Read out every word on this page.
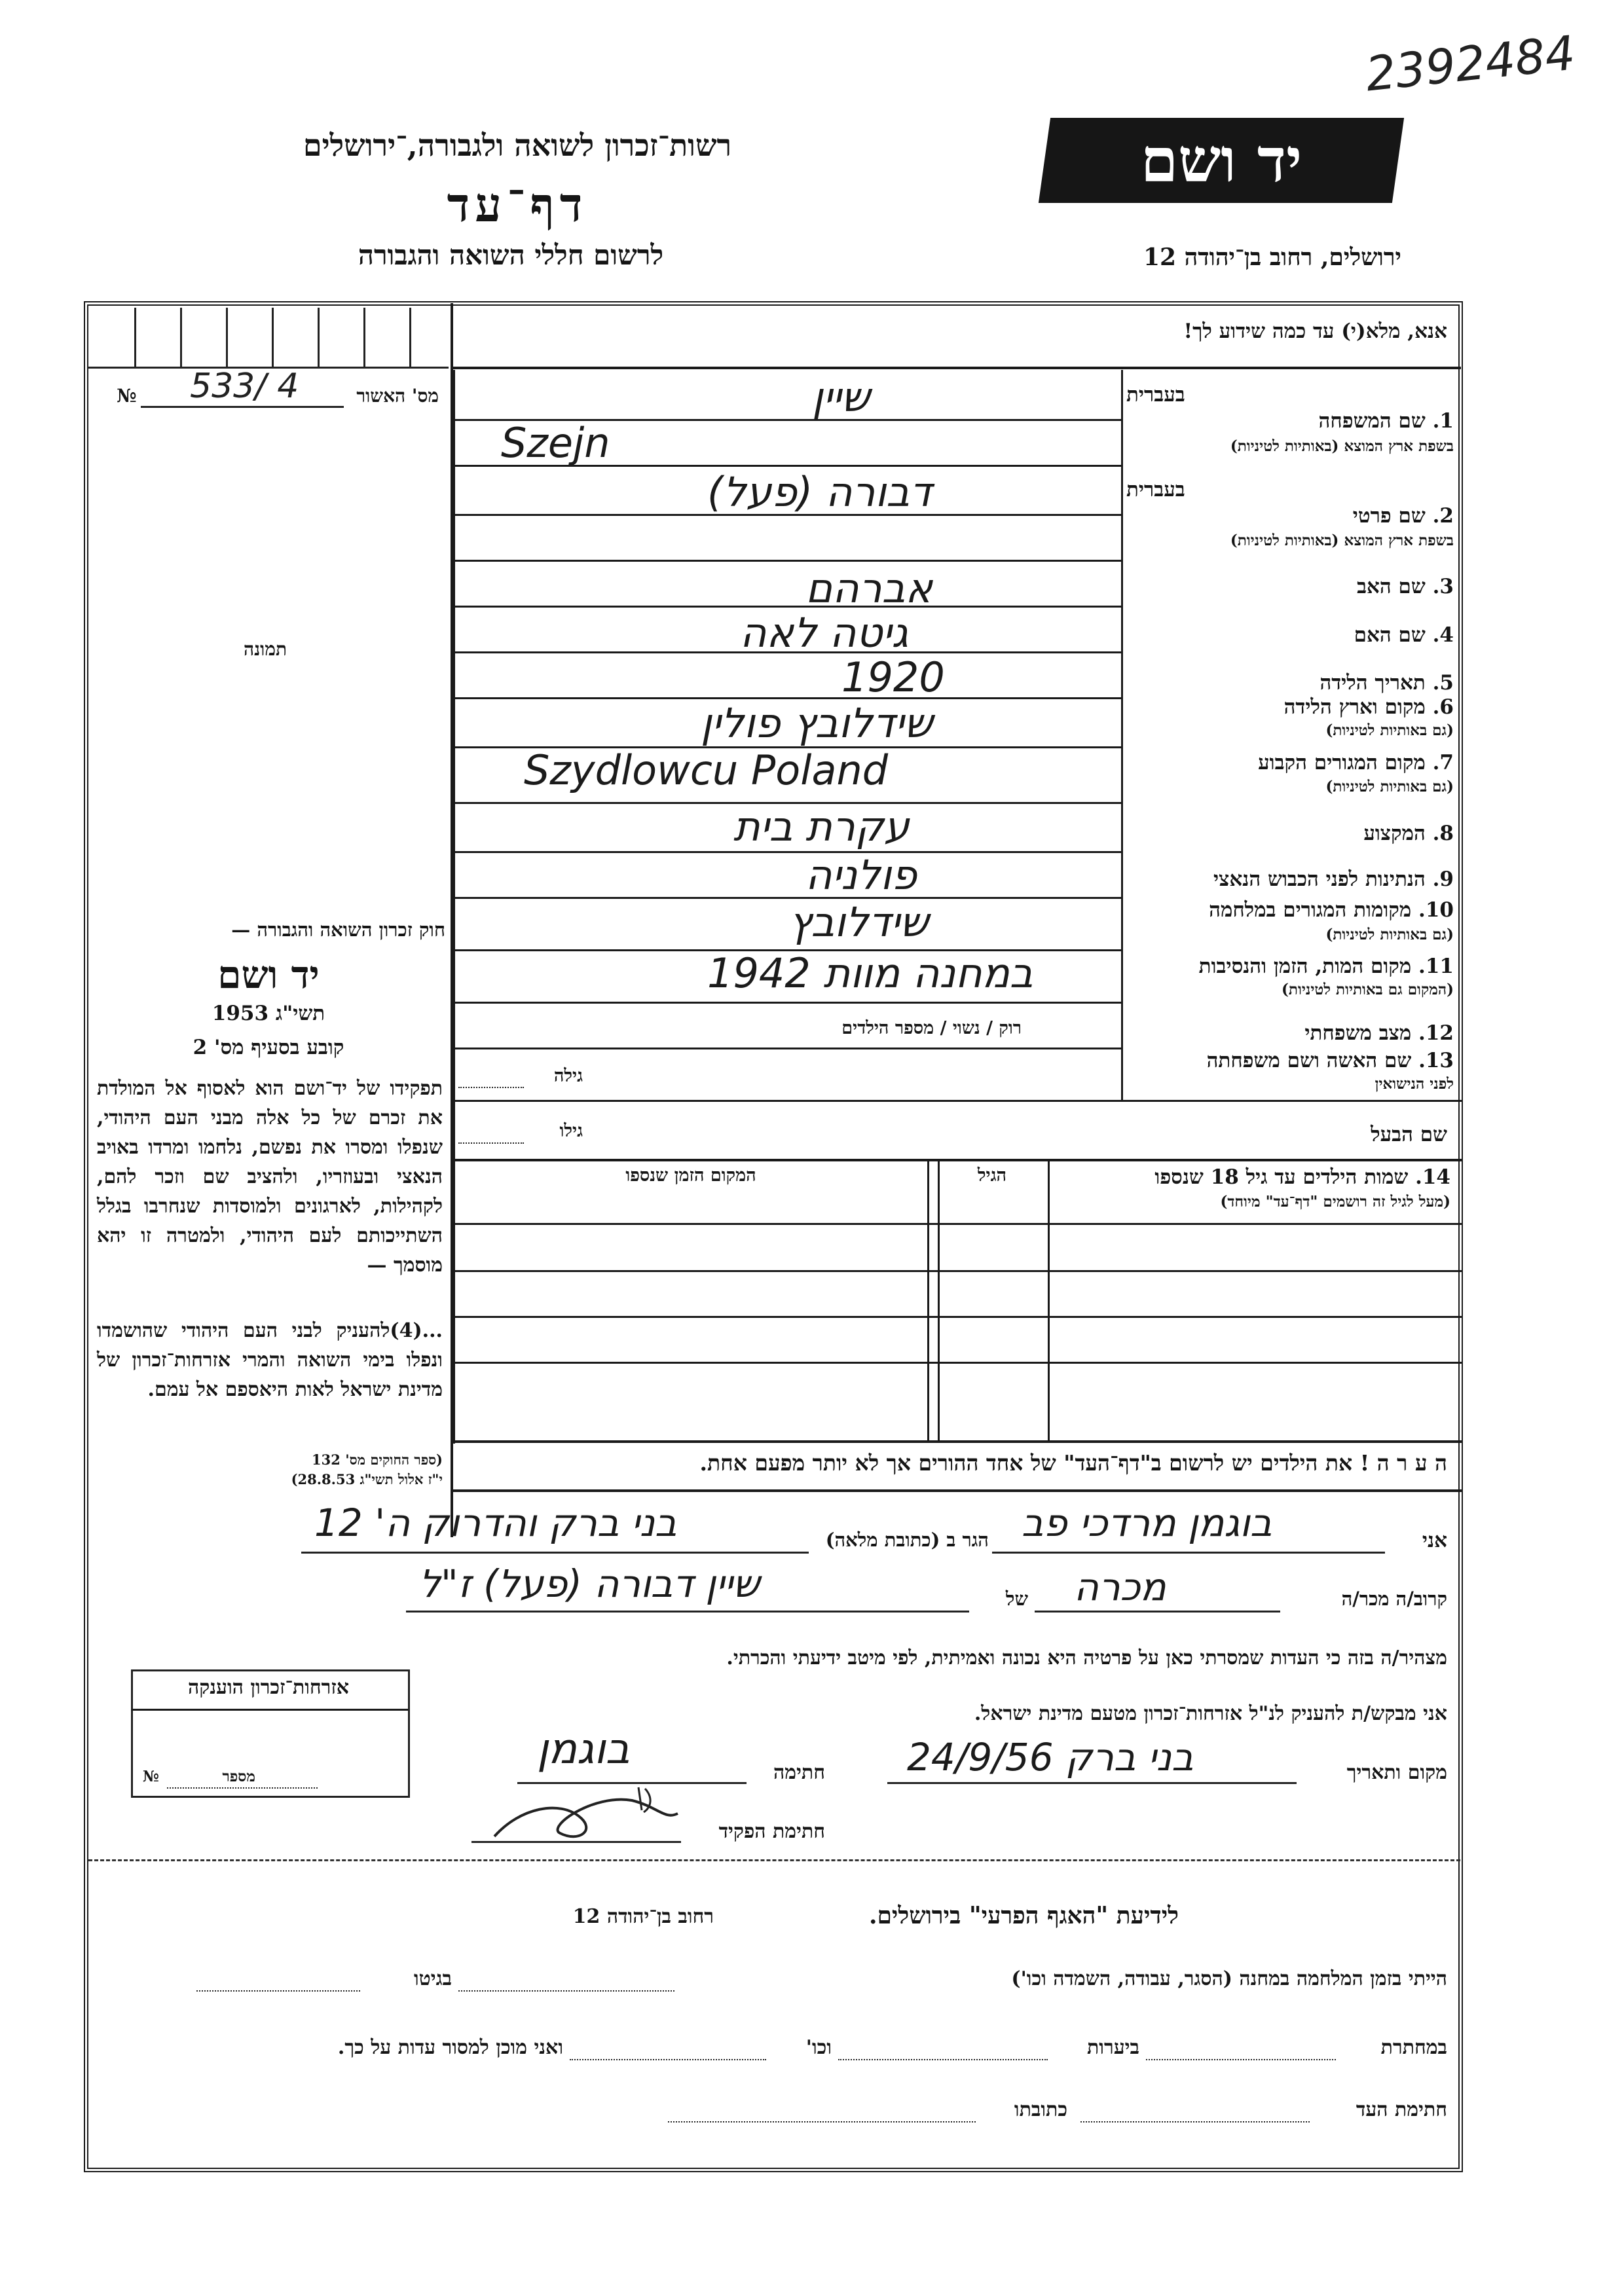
2392484
רשות־זכרון לשואה ולגבורה,־ירושלים
דף־עד
לרשום חללי השואה והגבורה
יד ושם
ירושלים, רחוב בן־יהודה 12
מס' האשור
№ 533/ 4
תמונה
חוק זכרון השואה והגבורה —
יד ושם
תשי"ג 1953
קובע בסעיף מס' 2
תפקידו של יד־ושם הוא לאסוף אל המולדת את זכרם של כל אלה מבני העם היהודי, שנפלו ומסרו את נפשם, נלחמו ומרדו באויב הנאצי ובעוזריו, ולהציב שם וזכר להם, לקהילות, לארגונים ולמוסדות שנחרבו בגלל השתייכותם לעם היהודי, ולמטרה זו יהא מוסמך —
...(4)להעניק לבני העם היהודי שהושמדו ונפלו בימי השואה והמרי אזרחות־זכרון של מדינת ישראל לאות היאספם אל עמם.
(ספר החוקים מס' 132
י"ז אלול תשי"ג 28.8.53)
אזרחות־זכרון הוענקה
מספר
№
אנא, מלא(י) עד כמה שידוע לך!
בעברית
1. שם המשפחה
בשפת ארץ המוצא (באותיות לטיניות)
בעברית
2. שם פרטי
בשפת ארץ המוצא (באותיות לטיניות)
3. שם האב
4. שם האם
5. תאריך הלידה
6. מקום וארץ הלידה
(גם באותיות לטיניות)
7. מקום המגורים הקבוע
(גם באותיות לטיניות)
8. המקצוע
9. הנתינות לפני הכבוש הנאצי
10. מקומות המגורים במלחמה
(גם באותיות לטיניות)
11. מקום המות, הזמן והנסיבות
(המקום גם באותיות לטיניות)
12. מצב משפחתי
13. שם האשה ושם משפחתה
לפני הנישואין
שם הבעל
רוק / נשוי / מספר הילדים
גילה
גילו
שיין
Szejn
דבורה (פעל)
אברהם
גיטה לאה
1920
שידלובץ פולין
Szydlowcu Poland
עקרת בית
פולניה
שידלובץ
במחנה מוות 1942
14. שמות הילדים עד גיל 18 שנספו
(מעל לגיל זה רושמים "דף־עד" מיוחד)
הגיל
המקום הזמן שנספו
ה ע ר ה ! את הילדים יש לרשום ב"דף־העד" של אחד ההורים אך לא יותר מפעם אחת.
אני
בוגמן מרדכי פב
הגר ב (כתובת מלאה)
בני ברק והדרוק ה' 12
קרוב/ה מכר/ה
מכרה
של
שיין דבורה (פעל) ז"ל
מצהיר/ה בזה כי העדות שמסרתי כאן על פרטיה היא נכונה ואמיתית, לפי מיטב ידיעתי והכרתי.
אני מבקש/ת להעניק לנ"ל אזרחות־זכרון מטעם מדינת ישראל.
מקום ותאריך
בני ברק 24/9/56
חתימה
בוגמן
חתימת הפקיד
לידיעת "האגף הפרעי" בירושלים.
רחוב בן־יהודה 12
הייתי בזמן המלחמה במחנה (הסגר, עבודה, השמדה וכו')
בגיטו
במחתרת
ביערות
וכו'
ואני מוכן למסור עדות על כך.
חתימת העד
כתובתו
